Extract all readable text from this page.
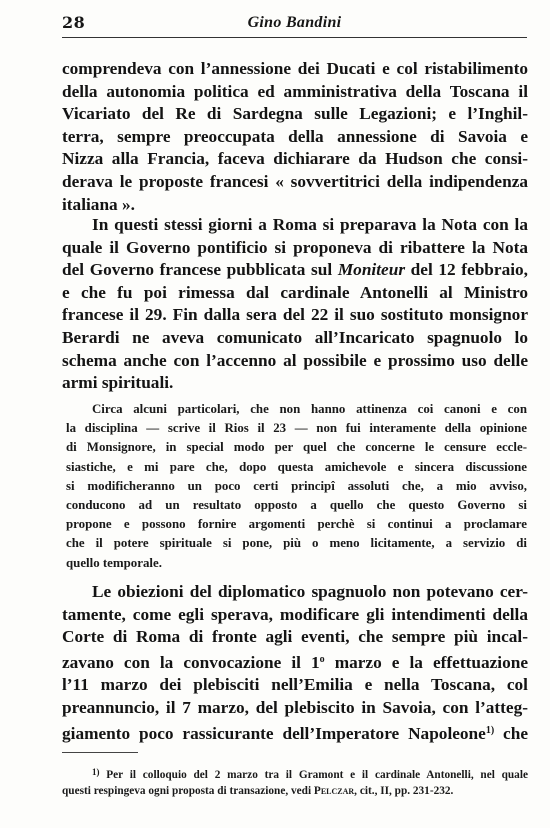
28	Gino Bandini

comprendeva con l’annessione dei Ducati e col ristabilimento

della autonomia politica ed amministrativa della Toscana il

Vicariato del Re di Sardegna sulle Legazioni; e l’Inghil-

terra, sempre preoccupata della annessione di Savoia e

Nizza alla Francia, faceva dichiarare da Hudson che consi-

derava le proposte francesi « sovvertitrici della indipendenza

italiana ».

In questi stessi giorni a Roma si preparava la Nota con la

quale il Governo pontificio si proponeva di ribattere la Nota

del Governo francese pubblicata sul Moniteur del 12 febbraio,

e che fu poi rimessa dal cardinale Antonelli al Ministro

francese il 29. Fin dalla sera del 22 il suo sostituto monsignor

Berardi ne aveva comunicato all’Incaricato spagnuolo lo

schema anche con l’accenno al possibile e prossimo uso delle

armi spirituali.

Circa alcuni particolari, che non hanno attinenza coi canoni e con

la disciplina — scrive il Rios il 23 — non fui interamente della opinione

di Monsignore, in special modo per quel che concerne le censure eccle-

siastiche, e mi pare che, dopo questa amichevole e sincera discussione

si modificheranno un poco certi principî assoluti che, a mio avviso,

conducono ad un resultato opposto a quello che questo Governo si

propone e possono fornire argomenti perchè si continui a proclamare

che il potere spirituale si pone, più o meno licitamente, a servizio di

quello temporale.

Le obiezioni del diplomatico spagnuolo non potevano cer-

tamente, come egli sperava, modificare gli intendimenti della

Corte di Roma di fronte agli eventi, che sempre più incal-

zavano con la convocazione il 1$^o$ marzo e la effettuazione

l’11 marzo dei plebisciti nell’Emilia e nella Toscana, col

preannuncio, il 7 marzo, del plebiscito in Savoia, con l’atteg-

giamento poco rassicurante dell’Imperatore Napoleone$^{1)}$ che

$^{1)}$ Per il colloquio del 2 marzo tra il Gramont e il cardinale Antonelli, nel quale

questi respingeva ogni proposta di transazione, vedi Pelczar, cit., II, pp. 231-232.
